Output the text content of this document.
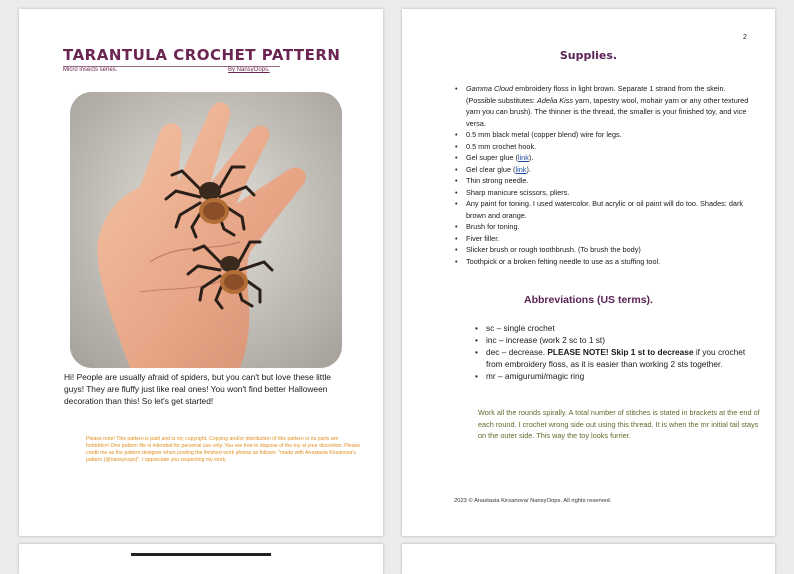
TARANTULA CROCHET PATTERN
Micro insects series.	By NansyOops.

Hi! People are usually afraid of spiders, but you can't but love these little guys! They are fluffy just like real ones! You won't find better Halloween decoration than this! So let's get started!

Please note! This pattern is paid and is my copyright. Copying and/or distribution of this pattern or its parts are forbidden! One pattern file is intended for personal use only. You are free to dispose of the toy at your discretion. Please credit me as the pattern designer when posting the finished work photos as follows: "made with Anastasia Kirsanova's pattern (@nansyoops)". I appreciate you respecting my work.

2
Supplies.
• Gamma Cloud embroidery floss in light brown. Separate 1 strand from the skein. (Possible substitutes: Adelia Kiss yarn, tapestry wool, mohair yarn or any other textured yarn you can brush). The thinner is the thread, the smaller is your finished toy, and vice versa.
• 0.5 mm black metal (copper blend) wire for legs.
• 0.5 mm crochet hook.
• Gel super glue (link).
• Gel clear glue (link).
• Thin strong needle.
• Sharp manicure scissors, pliers.
• Any paint for toning. I used watercolor. But acrylic or oil paint will do too. Shades: dark brown and orange.
• Brush for toning.
• Fiver filler.
• Slicker brush or rough toothbrush. (To brush the body)
• Toothpick or a broken felting needle to use as a stuffing tool.
Abbreviations (US terms).
• sc – single crochet
• inc – increase (work 2 sc to 1 st)
• dec – decrease. PLEASE NOTE! Skip 1 st to decrease if you crochet from embroidery floss, as it is easier than working 2 sts together.
• mr – amigurumi/magic ring

Work all the rounds spirally. A total number of stitches is stated in brackets at the end of each round. I crochet wrong side out using this thread. It is when the mr initial tail stays on the outer side. This way the toy looks furrier.

2023 © Anastasia Kirsanova/ NansyOops. All rights reserved.
